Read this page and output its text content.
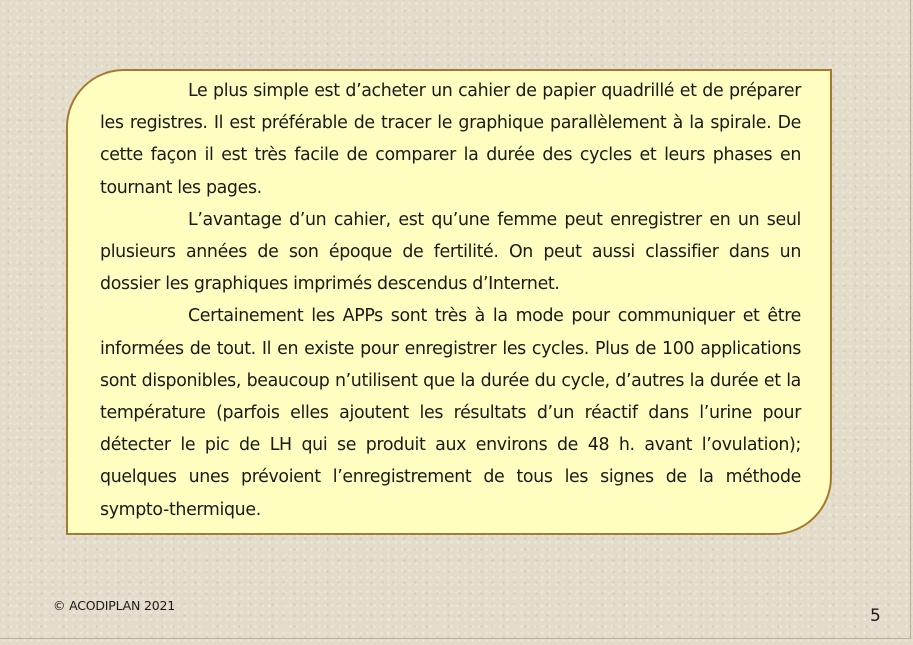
Le plus simple est d’acheter un cahier de papier quadrillé et de préparer les registres. Il est préférable de tracer le graphique parallèlement à la spirale. De cette façon il est très facile de comparer la durée des cycles et leurs phases en tournant les pages.

L’avantage d’un cahier, est qu’une femme peut enregistrer en un seul plusieurs années de son époque de fertilité. On peut aussi classifier dans un dossier les graphiques imprimés descendus d’Internet.

Certainement les APPs sont très à la mode pour communiquer et être informées de tout. Il en existe pour enregistrer les cycles. Plus de 100 applications sont disponibles, beaucoup n’utilisent que la durée du cycle, d’autres la durée et la température (parfois elles ajoutent les résultats d’un réactif dans l’urine pour détecter le pic de LH qui se produit aux environs de 48 h. avant l’ovulation); quelques unes prévoient l’enregistrement de tous les signes de la méthode sympto-thermique.

© ACODIPLAN 2021
5
